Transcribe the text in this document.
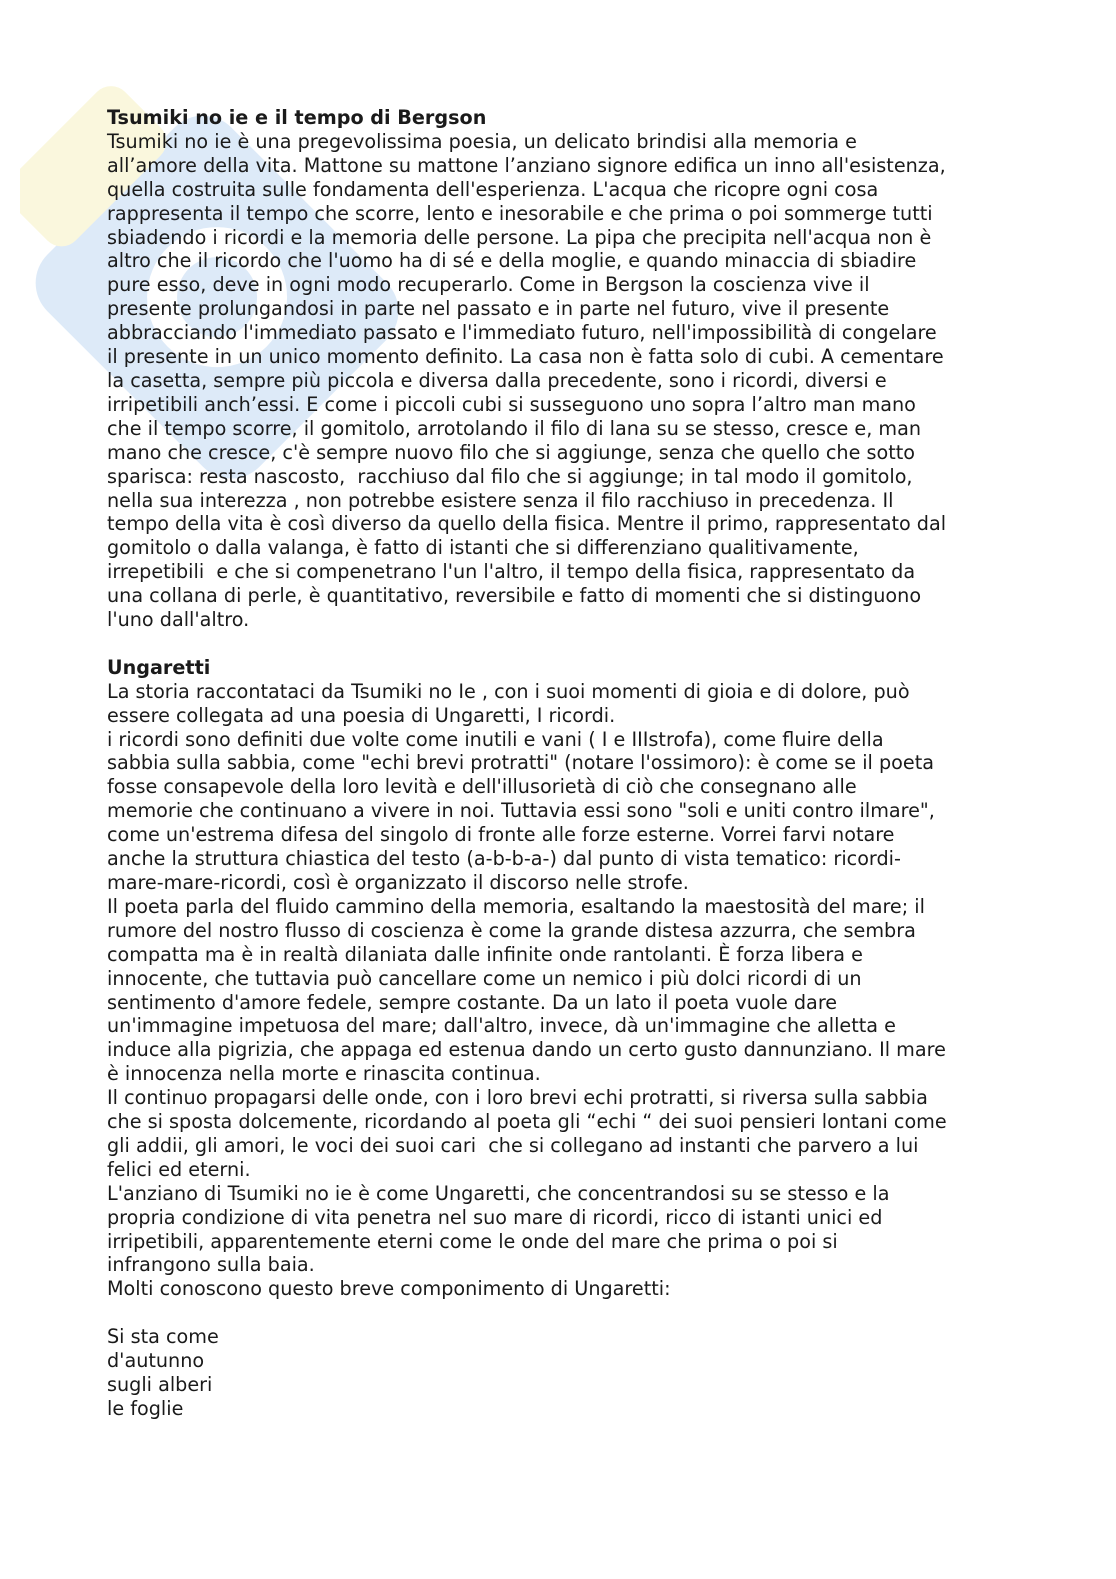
Tsumiki no ie e il tempo di Bergson

Tsumiki no ie è una pregevolissima poesia, un delicato brindisi alla memoria e
all’amore della vita. Mattone su mattone l’anziano signore edifica un inno all'esistenza,
quella costruita sulle fondamenta dell'esperienza. L'acqua che ricopre ogni cosa
rappresenta il tempo che scorre, lento e inesorabile e che prima o poi sommerge tutti
sbiadendo i ricordi e la memoria delle persone. La pipa che precipita nell'acqua non è
altro che il ricordo che l'uomo ha di sé e della moglie, e quando minaccia di sbiadire
pure esso, deve in ogni modo recuperarlo. Come in Bergson la coscienza vive il
presente prolungandosi in parte nel passato e in parte nel futuro, vive il presente
abbracciando l'immediato passato e l'immediato futuro, nell'impossibilità di congelare
il presente in un unico momento definito. La casa non è fatta solo di cubi. A cementare
la casetta, sempre più piccola e diversa dalla precedente, sono i ricordi, diversi e
irripetibili anch’essi. E come i piccoli cubi si susseguono uno sopra l’altro man mano
che il tempo scorre, il gomitolo, arrotolando il filo di lana su se stesso, cresce e, man
mano che cresce, c'è sempre nuovo filo che si aggiunge, senza che quello che sotto
sparisca: resta nascosto,  racchiuso dal filo che si aggiunge; in tal modo il gomitolo,
nella sua interezza , non potrebbe esistere senza il filo racchiuso in precedenza. Il
tempo della vita è così diverso da quello della fisica. Mentre il primo, rappresentato dal
gomitolo o dalla valanga, è fatto di istanti che si differenziano qualitivamente,
irrepetibili  e che si compenetrano l'un l'altro, il tempo della fisica, rappresentato da
una collana di perle, è quantitativo, reversibile e fatto di momenti che si distinguono
l'uno dall'altro.

Ungaretti

La storia raccontataci da Tsumiki no Ie , con i suoi momenti di gioia e di dolore, può
essere collegata ad una poesia di Ungaretti, I ricordi.

i ricordi sono definiti due volte come inutili e vani ( I e IIIstrofa), come fluire della
sabbia sulla sabbia, come "echi brevi protratti" (notare l'ossimoro): è come se il poeta
fosse consapevole della loro levità e dell'illusorietà di ciò che consegnano alle
memorie che continuano a vivere in noi. Tuttavia essi sono "soli e uniti contro ilmare",
come un'estrema difesa del singolo di fronte alle forze esterne. Vorrei farvi notare
anche la struttura chiastica del testo (a-b-b-a-) dal punto di vista tematico: ricordi-
mare-mare-ricordi, così è organizzato il discorso nelle strofe.

Il poeta parla del fluido cammino della memoria, esaltando la maestosità del mare; il
rumore del nostro flusso di coscienza è come la grande distesa azzurra, che sembra
compatta ma è in realtà dilaniata dalle infinite onde rantolanti. È forza libera e
innocente, che tuttavia può cancellare come un nemico i più dolci ricordi di un
sentimento d'amore fedele, sempre costante. Da un lato il poeta vuole dare
un'immagine impetuosa del mare; dall'altro, invece, dà un'immagine che alletta e
induce alla pigrizia, che appaga ed estenua dando un certo gusto dannunziano. Il mare
è innocenza nella morte e rinascita continua.

Il continuo propagarsi delle onde, con i loro brevi echi protratti, si riversa sulla sabbia
che si sposta dolcemente, ricordando al poeta gli “echi “ dei suoi pensieri lontani come
gli addii, gli amori, le voci dei suoi cari  che si collegano ad instanti che parvero a lui
felici ed eterni.

L'anziano di Tsumiki no ie è come Ungaretti, che concentrandosi su se stesso e la
propria condizione di vita penetra nel suo mare di ricordi, ricco di istanti unici ed
irripetibili, apparentemente eterni come le onde del mare che prima o poi si
infrangono sulla baia.

Molti conoscono questo breve componimento di Ungaretti:

Si sta come
d'autunno
sugli alberi
le foglie
